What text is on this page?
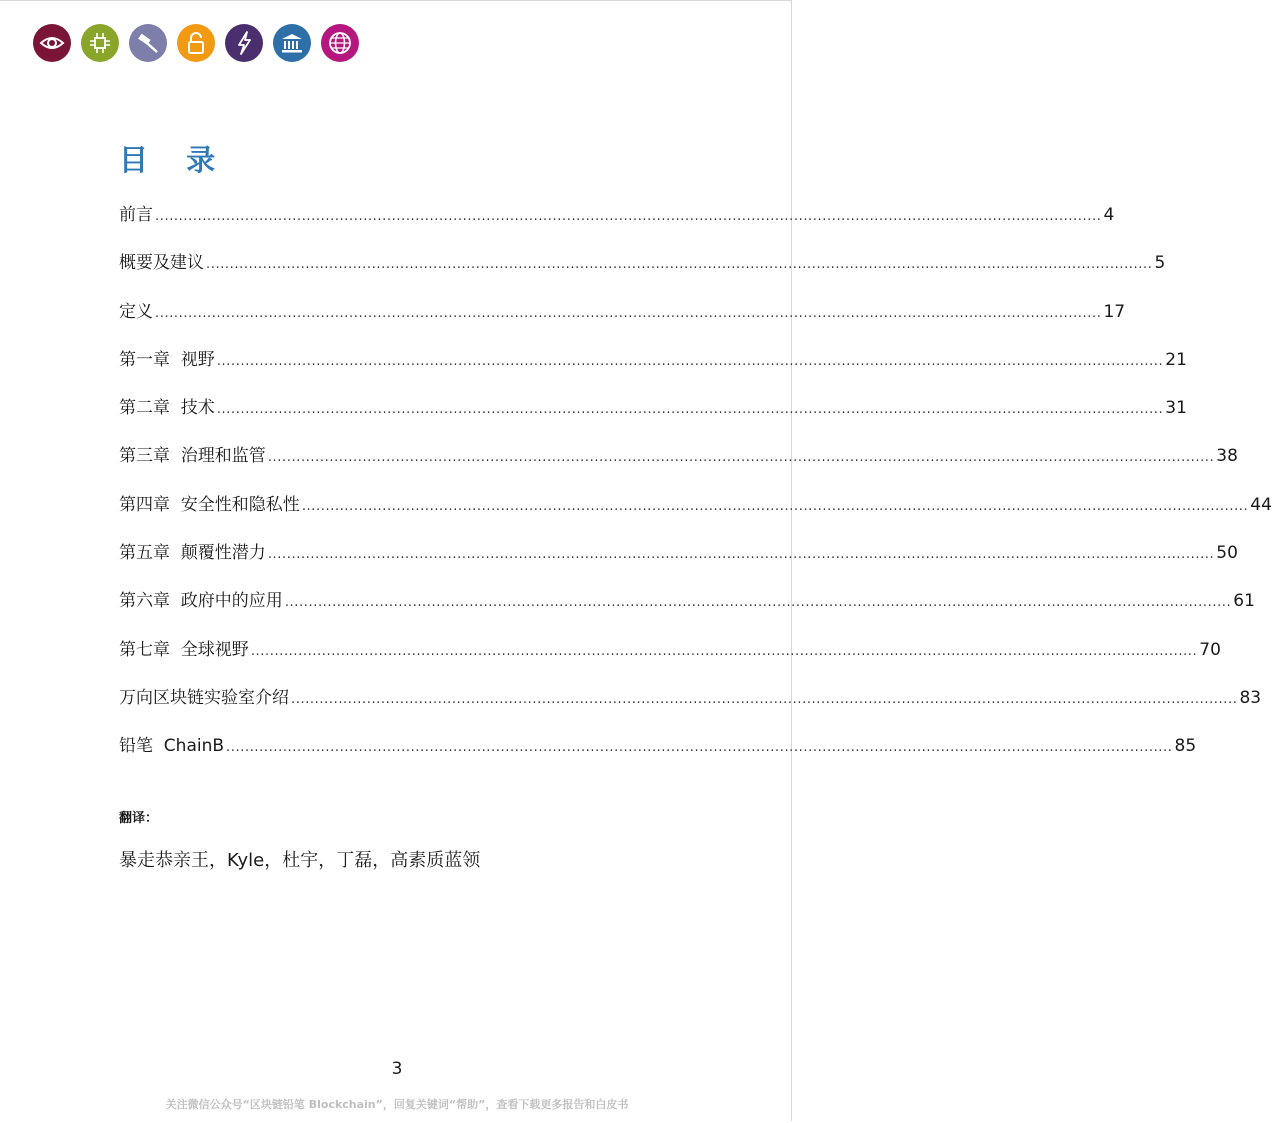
目 录
前言 ........................................................................................................................................................................................................ 4
概要及建议 ........................................................................................................................................................................................................ 5
定义 ........................................................................................................................................................................................................ 17
第一章  视野 ........................................................................................................................................................................................................ 21
第二章  技术 ........................................................................................................................................................................................................ 31
第三章  治理和监管 ........................................................................................................................................................................................................ 38
第四章  安全性和隐私性 ........................................................................................................................................................................................................ 44
第五章  颠覆性潜力 ........................................................................................................................................................................................................ 50
第六章  政府中的应用 ........................................................................................................................................................................................................ 61
第七章  全球视野 ........................................................................................................................................................................................................ 70
万向区块链实验室介绍 ........................................................................................................................................................................................................ 83
铅笔  ChainB ........................................................................................................................................................................................................ 85
翻译：
暴走恭亲王，Kyle，杜宇，丁磊，高素质蓝领
3
关注微信公众号“区块链铅笔 Blockchain”，回复关键词“帮助”，查看下载更多报告和白皮书
